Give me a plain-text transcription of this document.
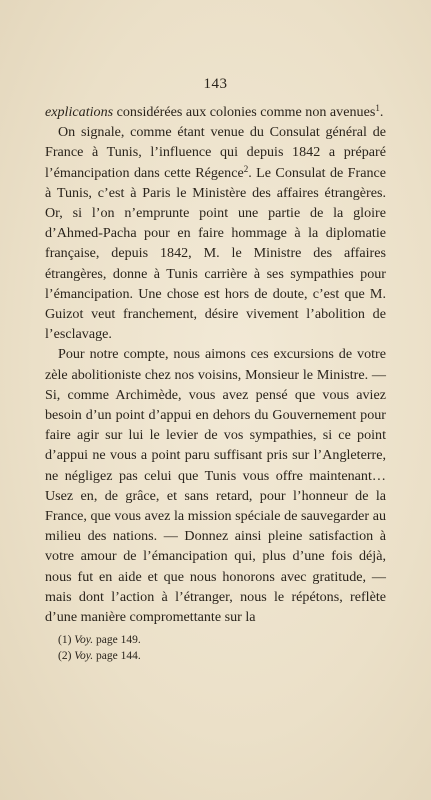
143

explications considérées aux colonies comme non avenues$^1$.

On signale, comme étant venue du Consulat général de France à Tunis, l’influence qui depuis 1842 a préparé l’émancipation dans cette Régence$^2$. Le Consulat de France à Tunis, c’est à Paris le Ministère des affaires étrangères. Or, si l’on n’emprunte point une partie de la gloire d’Ahmed-Pacha pour en faire hommage à la diplomatie française, depuis 1842, M. le Ministre des affaires étrangères, donne à Tunis carrière à ses sympathies pour l’émancipation. Une chose est hors de doute, c’est que M. Guizot veut franchement, désire vivement l’abolition de l’esclavage.

Pour notre compte, nous aimons ces excursions de votre zèle abolitioniste chez nos voisins, Monsieur le Ministre. — Si, comme Archimède, vous avez pensé que vous aviez besoin d’un point d’appui en dehors du Gouvernement pour faire agir sur lui le levier de vos sympathies, si ce point d’appui ne vous a point paru suffisant pris sur l’Angleterre, ne négligez pas celui que Tunis vous offre maintenant… Usez en, de grâce, et sans retard, pour l’honneur de la France, que vous avez la mission spéciale de sauvegarder au milieu des nations. — Donnez ainsi pleine satisfaction à votre amour de l’émancipation qui, plus d’une fois déjà, nous fut en aide et que nous honorons avec gratitude, — mais dont l’action à l’étranger, nous le répétons, reflète d’une manière compromettante sur la

(1) Voy. page 149.
(2) Voy. page 144.
